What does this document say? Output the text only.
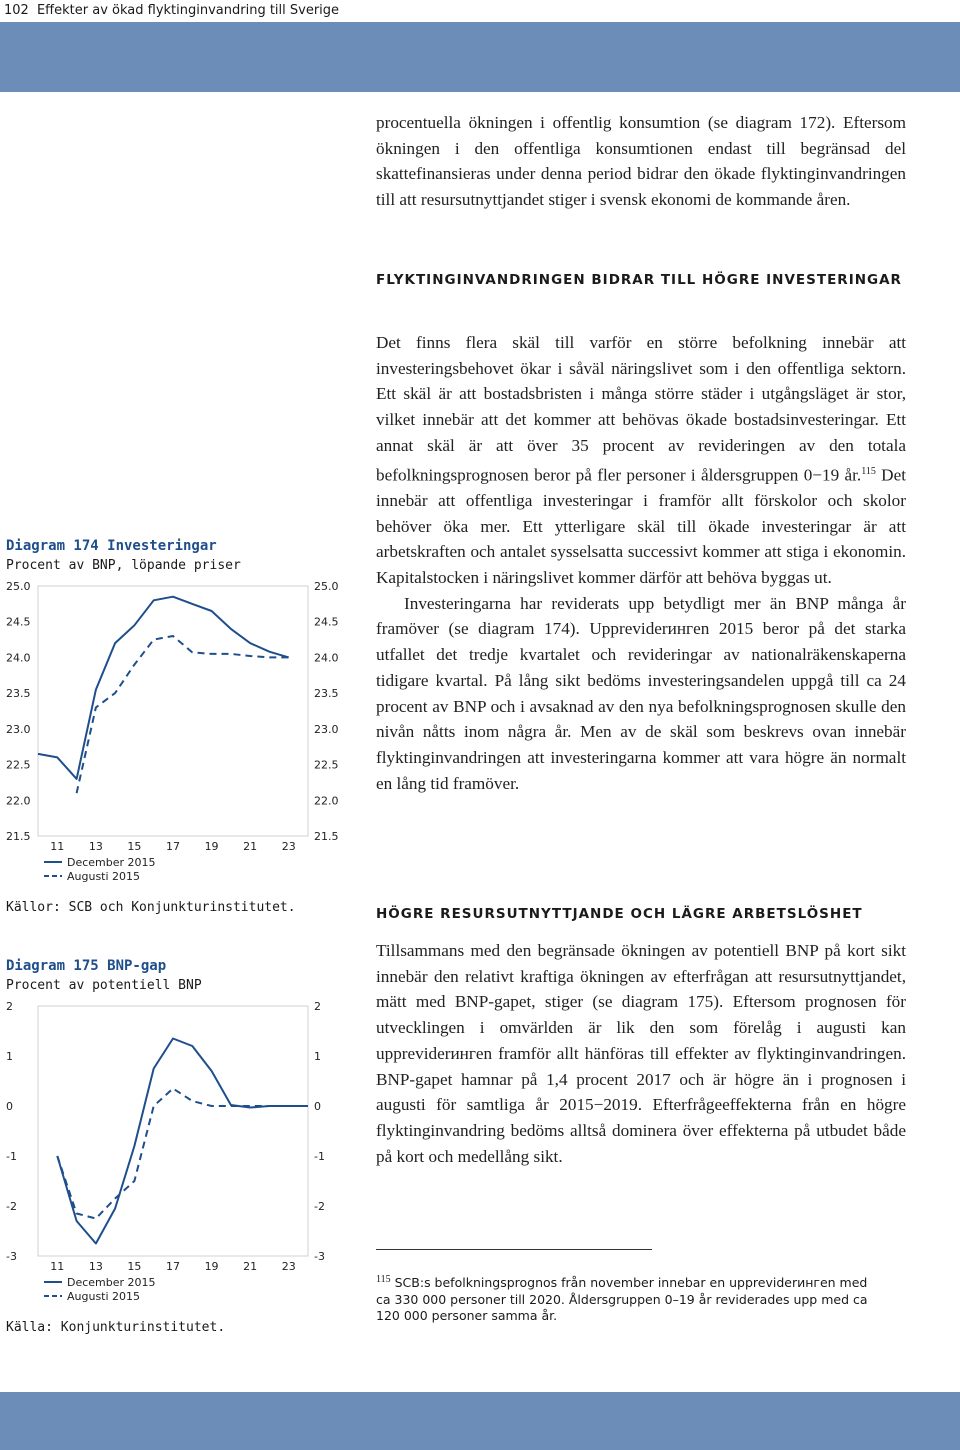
102 Effekter av ökad flyktinginvandring till Sverige

procentuella ökningen i offentlig konsumtion (se diagram 172). Eftersom ökningen i den offentliga konsumtionen endast till begränsad del skattefinansieras under denna period bidrar den ökade flyktinginvandringen till att resursutnyttjandet stiger i svensk ekonomi de kommande åren.

FLYKTINGINVANDRINGEN BIDRAR TILL HÖGRE INVESTERINGAR

Det finns flera skäl till varför en större befolkning innebär att investeringsbehovet ökar i såväl näringslivet som i den offentliga sektorn. Ett skäl är att bostadsbristen i många större städer i utgångsläget är stor, vilket innebär att det kommer att behövas ökade bostadsinvesteringar. Ett annat skäl är att över 35 procent av revideringen av den totala befolkningsprognosen beror på fler personer i åldersgruppen 0−19 år.$^{115}$ Det innebär att offentliga investeringar i framför allt förskolor och skolor behöver öka mer. Ett ytterligare skäl till ökade investeringar är att arbetskraften och antalet sysselsatta successivt kommer att stiga i ekonomin. Kapitalstocken i näringslivet kommer därför att behöva byggas ut.

Investeringarna har reviderats upp betydligt mer än BNP många år framöver (se diagram 174). Uppreviderингen 2015 beror på det starka utfallet det tredje kvartalet och revideringar av nationalräkenskaperna tidigare kvartal. På lång sikt bedöms investeringsandelen uppgå till ca 24 procent av BNP och i avsaknad av den nya befolkningsprognosen skulle den nivån nåtts inom några år. Men av de skäl som beskrevs ovan innebär flyktinginvandringen att investeringarna kommer att vara högre än normalt en lång tid framöver.

HÖGRE RESURSUTNYTTJANDE OCH LÄGRE ARBETSLÖSHET

Tillsammans med den begränsade ökningen av potentiell BNP på kort sikt innebär den relativt kraftiga ökningen av efterfrågan att resursutnyttjandet, mätt med BNP-gapet, stiger (se diagram 175). Eftersom prognosen för utvecklingen i omvärlden är lik den som förelåg i augusti kan uppreviderингen framför allt hänföras till effekter av flyktinginvandringen. BNP-gapet hamnar på 1,4 procent 2017 och är högre än i prognosen i augusti för samtliga år 2015−2019. Efterfrågeeffekterna från en högre flyktinginvandring bedöms alltså dominera över effekterna på utbudet både på kort och medellång sikt.

$^{115}$ SCB:s befolkningsprognos från november innebar en uppreviderингen med ca 330 000 personer till 2020. Åldersgruppen 0–19 år reviderades upp med ca 120 000 personer samma år.
Diagram 174 Investeringar
Procent av BNP, löpande priser
25.0	25.0
24.5	24.5
24.0	24.0
23.5	23.5
23.0	23.0
22.5	22.5
22.0	22.0
21.5	21.5
11 13 15 17 19 21 23
December 2015
Augusti 2015
Källor: SCB och Konjunkturinstitutet.
Diagram 175 BNP-gap
Procent av potentiell BNP
2	2
1	1
0	0
-1	-1
-2	-2
-3	-3
11 13 15 17 19 21 23
December 2015
Augusti 2015
Källa: Konjunkturinstitutet.
